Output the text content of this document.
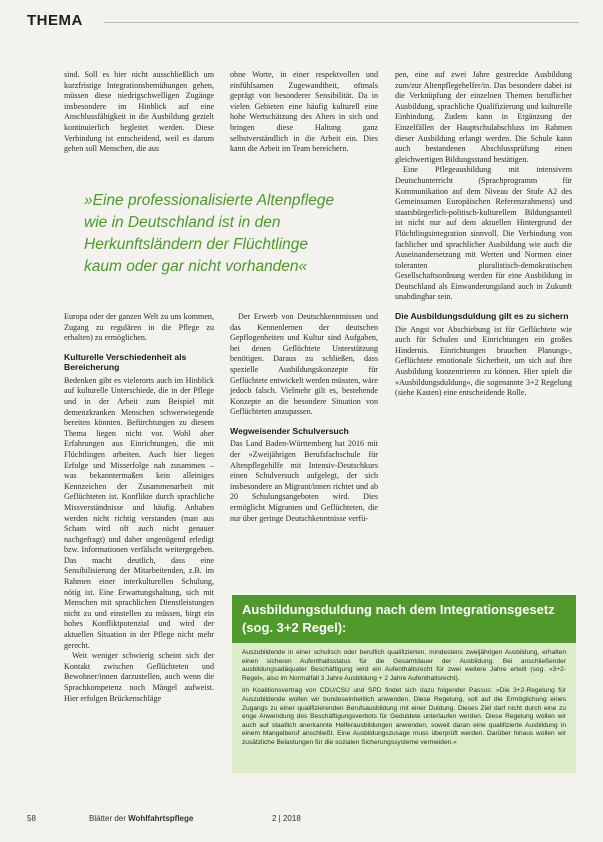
THEMA

sind. Soll es hier nicht ausschließlich um kurzfristige Integrationsbemühungen gehen, müssen diese niedrigschwelligen Zugänge insbesondere im Hinblick auf eine Anschlussfähigkeit in die Ausbildung gezielt kontinuierlich begleitet werden. Diese Verbindung ist entscheidend, weil es darum gehen soll Menschen, die aus

ohne Worte, in einer respektvollen und einfühlsamen Zugewandtheit, oftmals geprägt von besonderer Sensibilität. Da in vielen Gebieten eine häufig kulturell eine hohe Wertschätzung des Alters in sich und bringen diese Haltung ganz selbstverständlich in die Arbeit ein. Dies kann die Arbeit im Team bereichern.

pen, eine auf zwei Jahre gestreckte Ausbildung zum/zur Altenpflegehelfer/in. Das besondere dabei ist die Verknüpfung der einzelnen Themen beruflicher Ausbildung, sprachliche Qualifizierung und kulturelle Einbindung. Zudem kann in Ergänzung der Einzelfällen der Hauptschulabschluss im Rahmen dieser Ausbildung erlangt werden. Die Schule kann auch bestandenen Abschlussprüfung einen gleichwertigen Bildungsstand bestätigen.

Eine Pflegeausbildung mit intensivem Deutschunterricht (Sprachprogramm für Kommunikation auf dem Niveau der Stufe A2 des Gemeinsamen Europäischen Referenzrahmens) und staatsbürgerlich-politisch-kulturellem Bildungsanteil ist nicht nur auf dem aktuellen Hintergrund der Flüchtlingsintegration sinnvoll. Die Verbindung von fachlicher und sprachlicher Ausbildung wie auch die Auseinandersetzung mit Werten und Normen einer toleranten pluralistisch-demokratischen Gesellschaftsordnung werden für eine Ausbildung in Deutschland als Einwanderungsland auch in Zukunft unabdingbar sein.

Die Ausbildungsduldung gilt es zu sichern

Die Angst vor Abschiebung ist für Geflüchtete wie auch für Schulen und Einrichtungen ein großes Hindernis. Einrichtungen brauchen Planungs-, Geflüchtete emotionale Sicherheit, um sich auf ihre Ausbildung konzentrieren zu können. Hier spielt die »Ausbildungsduldung«, die sogenannte 3+2 Regelung (siehe Kasten) eine entscheidende Rolle.

»Eine professionalisierte Altenpflege

wie in Deutschland ist in den

Herkunftsländern der Flüchtlinge

kaum oder gar nicht vorhanden«

Europa oder der ganzen Welt zu uns kommen, Zugang zu regulären in die Pflege zu erhalten) zu ermöglichen.

Kulturelle Verschiedenheit als Bereicherung

Bedenken gibt es vielerorts auch im Hinblick auf kulturelle Unterschiede, die in der Pflege und in der Arbeit zum Beispiel mit demenzkranken Menschen schwerwiegende bereiten könnten. Befürchtungen zu diesem Thema liegen nicht vor. Wohl aber Erfahrungen aus Einrichtungen, die mit Flüchtlingen arbeiten. Auch hier liegen Erfolge und Misserfolge nah zusammen – was bekanntermaßen kein alleiniges Kennzeichen der Zusammenarbeit mit Geflüchteten ist. Konflikte durch sprachliche Missverständnisse und häufig. Anhaben werden nicht richtig verstanden (man aus Scham wird oft auch nicht genauer nachgefragt) und daher ungenügend erledigt bzw. Informationen verfälscht weitergegeben. Das macht deutlich, dass eine Sensibilisierung der Mitarbeitenden, z.B. im Rahmen einer interkulturellen Schulung, nötig ist. Eine Erwartungshaltung, sich mit Menschen mit sprachlichen Dienstleistungen nicht zu und einstellen zu müssen, birgt ein hohes Konfliktpotenzial und wird der aktuellen Situation in der Pflege nicht mehr gerecht.

Weit weniger schwierig scheint sich der Kontakt zwischen Geflüchteten und Bewohner/innen darzustellen, auch wenn die Sprachkompetenz noch Mängel aufweist. Hier erfolgen Brückenschläge

Der Erwerb von Deutschkenntnissen und das Kennenlernen der deutschen Gepflogenheiten und Kultur sind Aufgaben, bei denen Geflüchtete Unterstützung benötigen. Daraus zu schließen, dass spezielle Ausbildungskonzepte für Geflüchtete entwickelt werden müssten, wäre jedoch falsch. Vielmehr gilt es, bestehende Konzepte an die besondere Situation von Geflüchteten anzupassen.

Wegweisender Schulversuch

Das Land Baden-Württemberg hat 2016 mit der »Zweijährigen Berufsfachschule für Altenpflegehilfe mit Intensiv-Deutschkurs einen Schulversuch aufgelegt, der sich insbesondere an Migrant/innen richtet und ab 20 Schulungsangeboten wird. Dies ermöglicht Migranten und Geflüchteten, die nur über geringe Deutschkenntnisse verfü-

Ausbildungsduldung nach dem Integrationsgesetz (sog. 3+2 Regel):

Auszubildende in einer schulisch oder beruflich qualifizierten, mindestens zweijährigen Ausbildung, erhalten einen sicheren Aufenthaltsstatus für die Gesamtdauer der Ausbildung. Bei anschließender ausbildungsadäquater Beschäftigung wird ein Aufenthaltsrecht für zwei weitere Jahre erteilt (sog. »3+2-Regel«, also im Normalfall 3 Jahre Ausbildung + 2 Jahre Aufenthaltsrecht).

Im Koalitionsvertrag von CDU/CSU und SPD findet sich dazu folgender Passus: »Die 3+2-Regelung für Auszubildende wollen wir bundeseinheitlich anwenden. Diese Regelung, soll auf die Ermöglichung eines Zugangs zu einer qualifizierenden Berufsausbildung mit einer Duldung. Dieses Ziel darf nicht durch eine zu enge Anwendung des Beschäftigungsverbots für Geduldete unterlaufen werden. Diese Regelung wollen wir auch auf staatlich anerkannte Helferausbildungen anwenden, soweit daran eine qualifizierte Ausbildung in einem Mangelberuf anschließt. Eine Ausbildungszusage muss überprüft werden. Darüber hinaus wollen wir zusätzliche Belastungen für die sozialen Sicherungssysteme vermeiden.«

58	Blätter der Wohlfahrtspflege	2 | 2018
